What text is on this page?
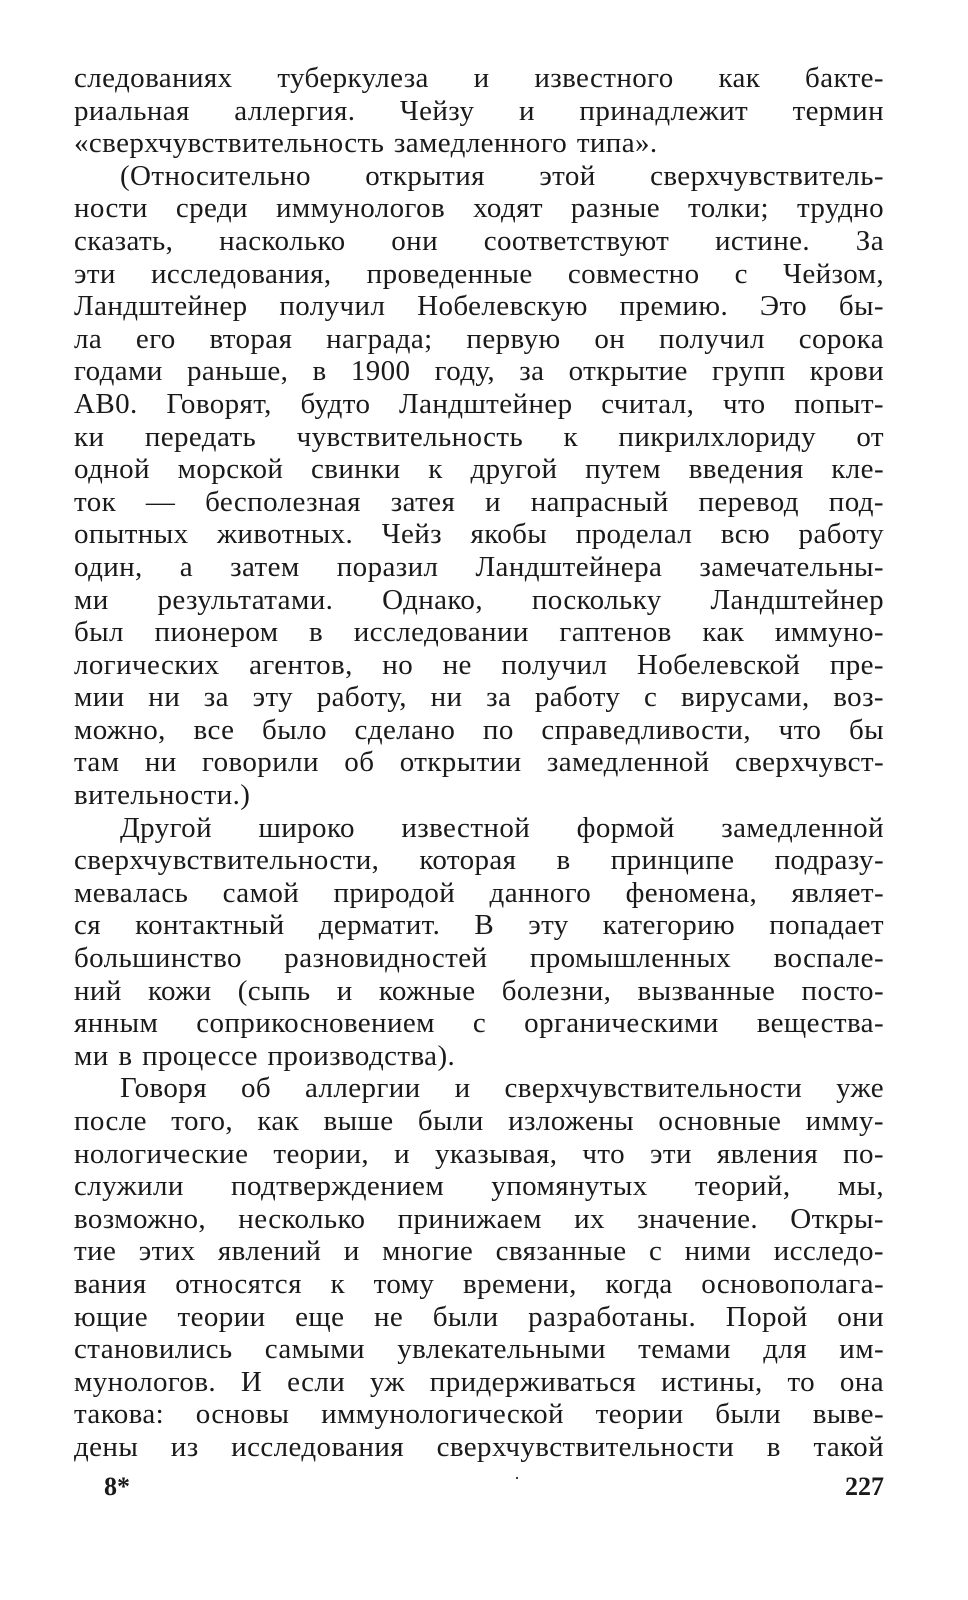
следованиях туберкулеза и известного как бакте-
риальная аллергия. Чейзу и принадлежит термин
«сверхчувствительность замедленного типа».
(Относительно открытия этой сверхчувствитель-
ности среди иммунологов ходят разные толки; трудно
сказать, насколько они соответствуют истине. За
эти исследования, проведенные совместно с Чейзом,
Ландштейнер получил Нобелевскую премию. Это бы-
ла его вторая награда; первую он получил сорока
годами раньше, в 1900 году, за открытие групп крови
AB0. Говорят, будто Ландштейнер считал, что попыт-
ки передать чувствительность к пикрилхлориду от
одной морской свинки к другой путем введения кле-
ток — бесполезная затея и напрасный перевод под-
опытных животных. Чейз якобы проделал всю работу
один, а затем поразил Ландштейнера замечательны-
ми результатами. Однако, поскольку Ландштейнер
был пионером в исследовании гаптенов как иммуно-
логических агентов, но не получил Нобелевской пре-
мии ни за эту работу, ни за работу с вирусами, воз-
можно, все было сделано по справедливости, что бы
там ни говорили об открытии замедленной сверхчувст-
вительности.)
Другой широко известной формой замедленной
сверхчувствительности, которая в принципе подразу-
мевалась самой природой данного феномена, являет-
ся контактный дерматит. В эту категорию попадает
большинство разновидностей промышленных воспале-
ний кожи (сыпь и кожные болезни, вызванные посто-
янным соприкосновением с органическими вещества-
ми в процессе производства).
Говоря об аллергии и сверхчувствительности уже
после того, как выше были изложены основные иммy-
нологические теории, и указывая, что эти явления по-
служили подтверждением упомянутых теорий, мы,
возможно, несколько принижаем их значение. Откры-
тие этих явлений и многие связанные с ними исследо-
вания относятся к тому времени, когда основополага-
ющие теории еще не были разработаны. Порой они
становились самыми увлекательными темами для им-
мунологов. И если уж придерживаться истины, то она
такова: основы иммунологической теории были выве-
дены из исследования сверхчувствительности в такой
8*	·	227
